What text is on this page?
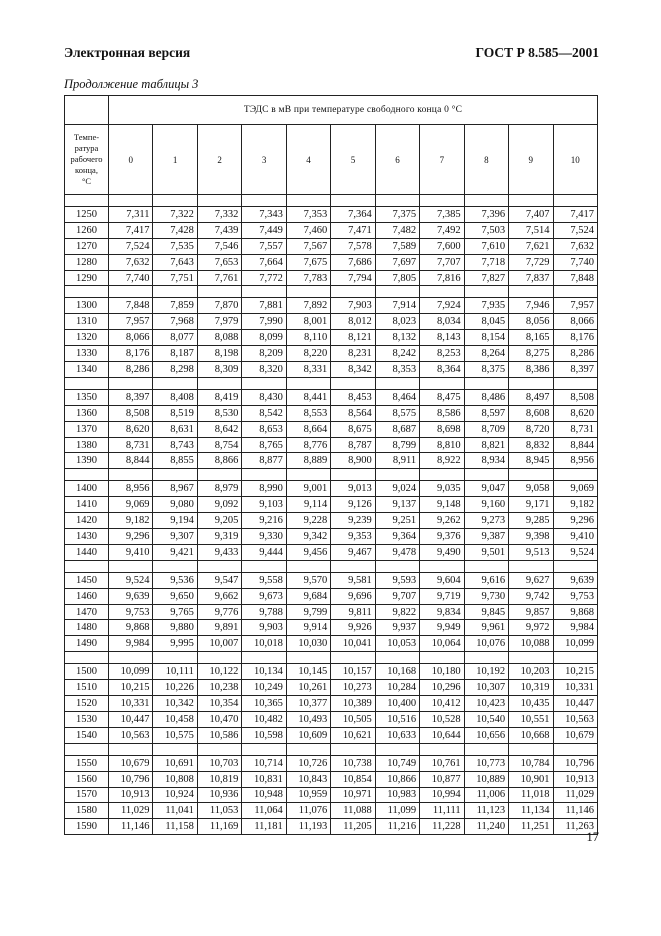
Электронная версия	ГОСТ Р 8.585—2001
Продолжение таблицы 3
	ТЭДС в мВ при температуре свободного конца 0 °С										

Темпе-
ратура
рабочего
конца,
°С	0	1	2	3	4	5	6	7	8	9	10

1250	7,311	7,322	7,332	7,343	7,353	7,364	7,375	7,385	7,396	7,407	7,417
1260	7,417	7,428	7,439	7,449	7,460	7,471	7,482	7,492	7,503	7,514	7,524
1270	7,524	7,535	7,546	7,557	7,567	7,578	7,589	7,600	7,610	7,621	7,632
1280	7,632	7,643	7,653	7,664	7,675	7,686	7,697	7,707	7,718	7,729	7,740
1290	7,740	7,751	7,761	7,772	7,783	7,794	7,805	7,816	7,827	7,837	7,848

1300	7,848	7,859	7,870	7,881	7,892	7,903	7,914	7,924	7,935	7,946	7,957
1310	7,957	7,968	7,979	7,990	8,001	8,012	8,023	8,034	8,045	8,056	8,066
1320	8,066	8,077	8,088	8,099	8,110	8,121	8,132	8,143	8,154	8,165	8,176
1330	8,176	8,187	8,198	8,209	8,220	8,231	8,242	8,253	8,264	8,275	8,286
1340	8,286	8,298	8,309	8,320	8,331	8,342	8,353	8,364	8,375	8,386	8,397

1350	8,397	8,408	8,419	8,430	8,441	8,453	8,464	8,475	8,486	8,497	8,508
1360	8,508	8,519	8,530	8,542	8,553	8,564	8,575	8,586	8,597	8,608	8,620
1370	8,620	8,631	8,642	8,653	8,664	8,675	8,687	8,698	8,709	8,720	8,731
1380	8,731	8,743	8,754	8,765	8,776	8,787	8,799	8,810	8,821	8,832	8,844
1390	8,844	8,855	8,866	8,877	8,889	8,900	8,911	8,922	8,934	8,945	8,956

1400	8,956	8,967	8,979	8,990	9,001	9,013	9,024	9,035	9,047	9,058	9,069
1410	9,069	9,080	9,092	9,103	9,114	9,126	9,137	9,148	9,160	9,171	9,182
1420	9,182	9,194	9,205	9,216	9,228	9,239	9,251	9,262	9,273	9,285	9,296
1430	9,296	9,307	9,319	9,330	9,342	9,353	9,364	9,376	9,387	9,398	9,410
1440	9,410	9,421	9,433	9,444	9,456	9,467	9,478	9,490	9,501	9,513	9,524

1450	9,524	9,536	9,547	9,558	9,570	9,581	9,593	9,604	9,616	9,627	9,639
1460	9,639	9,650	9,662	9,673	9,684	9,696	9,707	9,719	9,730	9,742	9,753
1470	9,753	9,765	9,776	9,788	9,799	9,811	9,822	9,834	9,845	9,857	9,868
1480	9,868	9,880	9,891	9,903	9,914	9,926	9,937	9,949	9,961	9,972	9,984
1490	9,984	9,995	10,007	10,018	10,030	10,041	10,053	10,064	10,076	10,088	10,099

1500	10,099	10,111	10,122	10,134	10,145	10,157	10,168	10,180	10,192	10,203	10,215
1510	10,215	10,226	10,238	10,249	10,261	10,273	10,284	10,296	10,307	10,319	10,331
1520	10,331	10,342	10,354	10,365	10,377	10,389	10,400	10,412	10,423	10,435	10,447
1530	10,447	10,458	10,470	10,482	10,493	10,505	10,516	10,528	10,540	10,551	10,563
1540	10,563	10,575	10,586	10,598	10,609	10,621	10,633	10,644	10,656	10,668	10,679

1550	10,679	10,691	10,703	10,714	10,726	10,738	10,749	10,761	10,773	10,784	10,796
1560	10,796	10,808	10,819	10,831	10,843	10,854	10,866	10,877	10,889	10,901	10,913
1570	10,913	10,924	10,936	10,948	10,959	10,971	10,983	10,994	11,006	11,018	11,029
1580	11,029	11,041	11,053	11,064	11,076	11,088	11,099	11,111	11,123	11,134	11,146
1590	11,146	11,158	11,169	11,181	11,193	11,205	11,216	11,228	11,240	11,251	11,263
17
